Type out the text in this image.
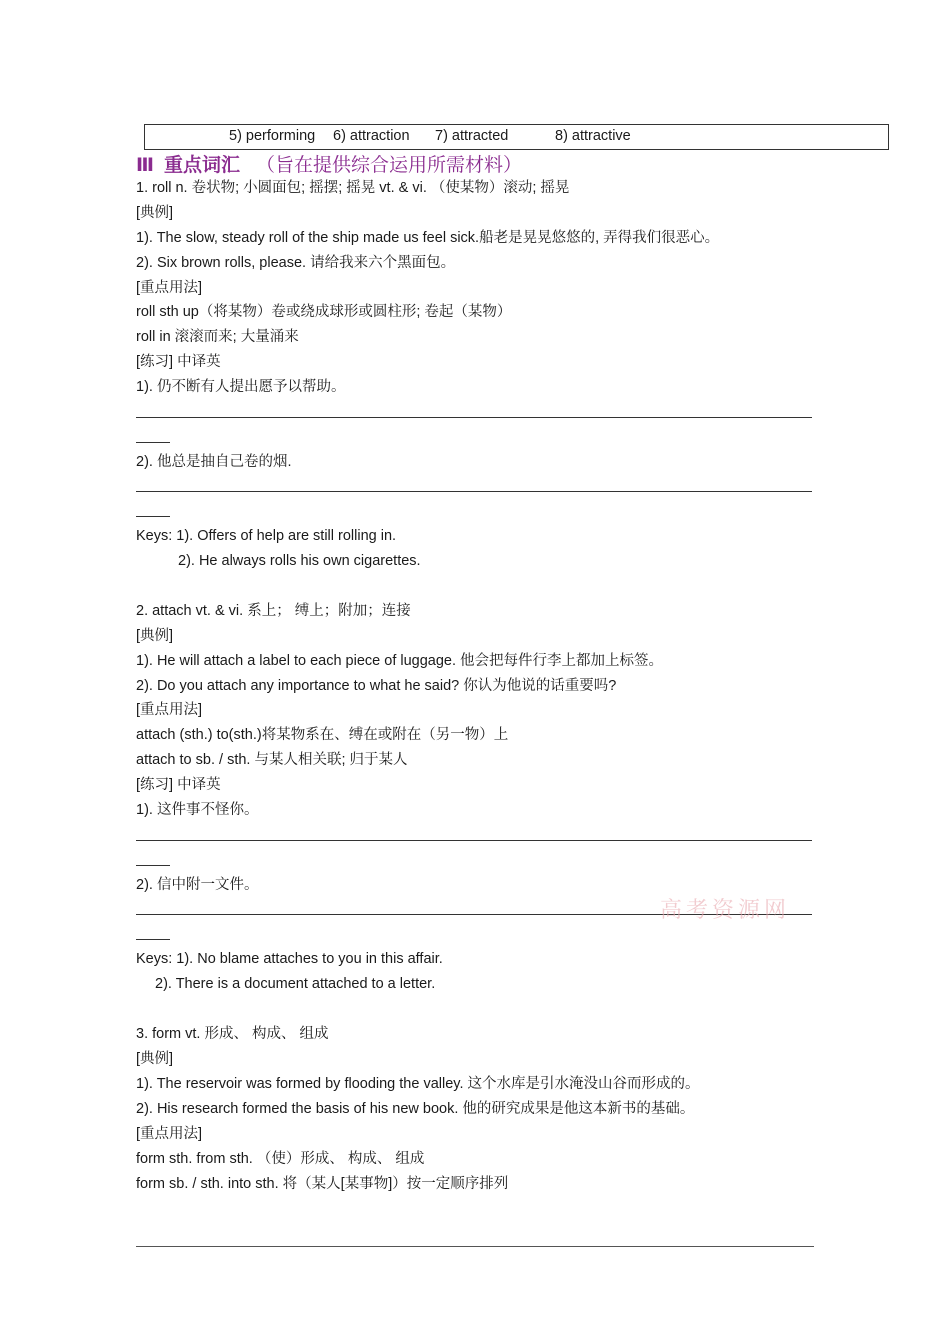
5) performing 6) attraction 7) attracted	8) attractive
Ⅲ 重点词汇 （旨在提供综合运用所需材料）
1. roll n. 卷状物; 小圆面包; 摇摆; 摇晃 vt. & vi. （使某物）滚动; 摇晃
[典例]
1). The slow, steady roll of the ship made us feel sick.船老是晃晃悠悠的, 弄得我们很恶心。
2). Six brown rolls, please. 请给我来六个黑面包。
[重点用法]
roll sth up（将某物）卷或绕成球形或圆柱形; 卷起（某物）
roll in 滚滚而来; 大量涌来
[练习] 中译英
1). 仍不断有人提出愿予以帮助。
2). 他总是抽自己卷的烟.
Keys: 1). Offers of help are still rolling in.
2). He always rolls his own cigarettes.
2. attach vt. & vi. 系上； 缚上；附加；连接
[典例]
1). He will attach a label to each piece of luggage. 他会把每件行李上都加上标签。
2). Do you attach any importance to what he said? 你认为他说的话重要吗?
[重点用法]
attach (sth.) to(sth.)将某物系在、缚在或附在（另一物）上
attach to sb. / sth. 与某人相关联; 归于某人
[练习] 中译英
1). 这件事不怪你。
2). 信中附一文件。
Keys: 1). No blame attaches to you in this affair.
2). There is a document attached to a letter.
3. form vt. 形成、 构成、 组成
[典例]
1). The reservoir was formed by flooding the valley. 这个水库是引水淹没山谷而形成的。
2). His research formed the basis of his new book. 他的研究成果是他这本新书的基础。
[重点用法]
form sth. from sth. （使）形成、 构成、 组成
form sb. / sth. into sth. 将（某人[某事物]）按一定顺序排列
高考资源网
